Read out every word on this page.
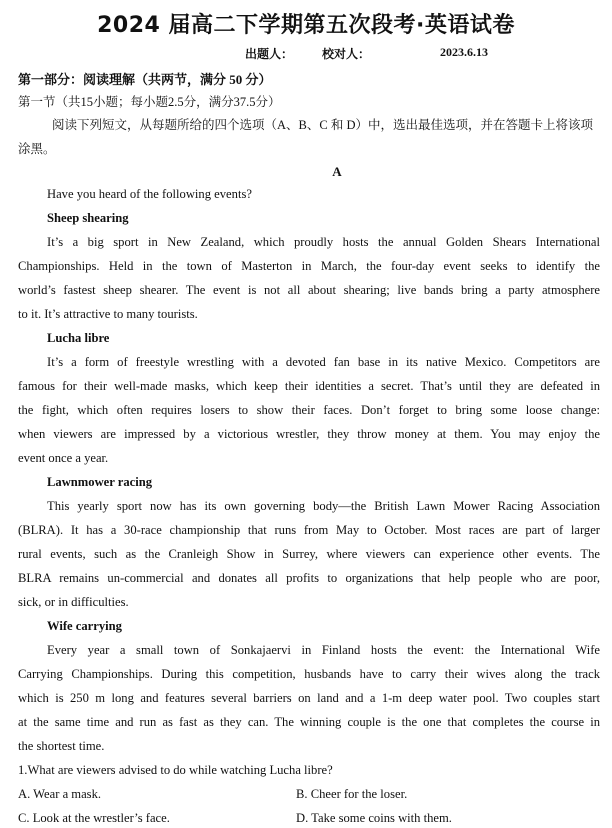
2024 届高二下学期第五次段考·英语试卷
出题人： 校对人：	2023.6.13
第一部分：阅读理解（共两节，满分 50 分）
第一节（共15小题；每小题2.5分，满分37.5分）
阅读下列短文，从每题所给的四个选项（A、B、C 和 D）中，选出最佳选项，并在答题卡上将该项涂黑。
A
Have you heard of the following events?
Sheep shearing
It’s a big sport in New Zealand, which proudly hosts the annual Golden Shears International
Championships. Held in the town of Masterton in March, the four-day event seeks to identify the
world’s fastest sheep shearer. The event is not all about shearing; live bands bring a party atmosphere
to it. It’s attractive to many tourists.
Lucha libre
It’s a form of freestyle wrestling with a devoted fan base in its native Mexico. Competitors are
famous for their well-made masks, which keep their identities a secret. That’s until they are defeated in
the fight, which often requires losers to show their faces. Don’t forget to bring some loose change:
when viewers are impressed by a victorious wrestler, they throw money at them. You may enjoy the
event once a year.
Lawnmower racing
This yearly sport now has its own governing body—the British Lawn Mower Racing Association
(BLRA). It has a 30-race championship that runs from May to October. Most races are part of larger
rural events, such as the Cranleigh Show in Surrey, where viewers can experience other events. The
BLRA remains un-commercial and donates all profits to organizations that help people who are poor,
sick, or in difficulties.
Wife carrying
Every year a small town of Sonkajaervi in Finland hosts the event: the International Wife
Carrying Championships. During this competition, husbands have to carry their wives along the track
which is 250 m long and features several barriers on land and a 1-m deep water pool. Two couples start
at the same time and run as fast as they can. The winning couple is the one that completes the course in
the shortest time.
1.What are viewers advised to do while watching Lucha libre?
A. Wear a mask.	B. Cheer for the loser.
C. Look at the wrestler’s face.	D. Take some coins with them.
